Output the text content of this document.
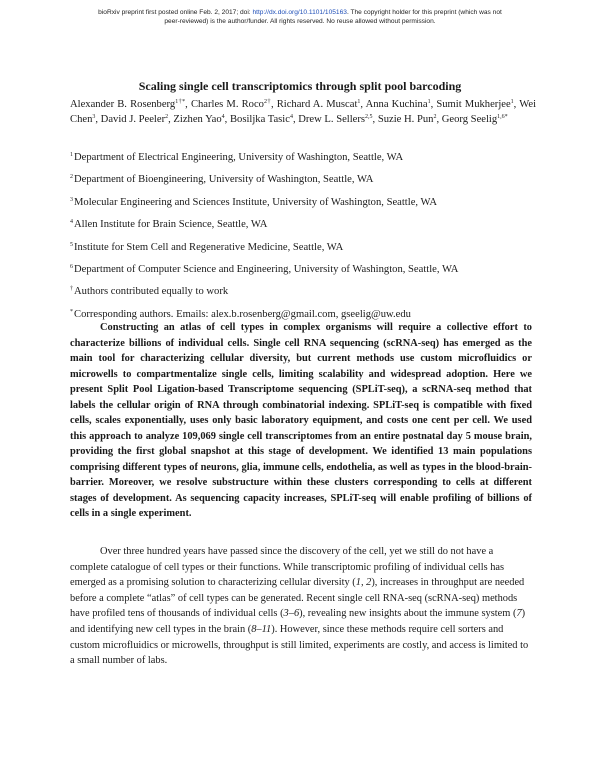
bioRxiv preprint first posted online Feb. 2, 2017; doi: http://dx.doi.org/10.1101/105163. The copyright holder for this preprint (which was not
peer-reviewed) is the author/funder. All rights reserved. No reuse allowed without permission.
Scaling single cell transcriptomics through split pool barcoding
Alexander B. Rosenberg$^{1\dagger*}$, Charles M. Roco$^{2\dagger}$, Richard A. Muscat$^1$, Anna Kuchina$^1$, Sumit Mukherjee$^1$, Wei Chen$^3$, David J. Peeler$^2$, Zizhen Yao$^4$, Bosiljka Tasic$^4$, Drew L. Sellers$^{2,5}$, Suzie H. Pun$^2$, Georg Seelig$^{1,6*}$
$^1$Department of Electrical Engineering, University of Washington, Seattle, WA
$^2$Department of Bioengineering, University of Washington, Seattle, WA
$^3$Molecular Engineering and Sciences Institute, University of Washington, Seattle, WA
$^4$Allen Institute for Brain Science, Seattle, WA
$^5$Institute for Stem Cell and Regenerative Medicine, Seattle, WA
$^6$Department of Computer Science and Engineering, University of Washington, Seattle, WA
†Authors contributed equally to work
*Corresponding authors. Emails: alex.b.rosenberg@gmail.com, gseelig@uw.edu
Constructing an atlas of cell types in complex organisms will require a collective effort to characterize billions of individual cells. Single cell RNA sequencing (scRNA-seq) has emerged as the main tool for characterizing cellular diversity, but current methods use custom microfluidics or microwells to compartmentalize single cells, limiting scalability and widespread adoption. Here we present Split Pool Ligation-based Transcriptome sequencing (SPLiT-seq), a scRNA-seq method that labels the cellular origin of RNA through combinatorial indexing. SPLiT-seq is compatible with fixed cells, scales exponentially, uses only basic laboratory equipment, and costs one cent per cell. We used this approach to analyze 109,069 single cell transcriptomes from an entire postnatal day 5 mouse brain, providing the first global snapshot at this stage of development. We identified 13 main populations comprising different types of neurons, glia, immune cells, endothelia, as well as types in the blood-brain-barrier. Moreover, we resolve substructure within these clusters corresponding to cells at different stages of development. As sequencing capacity increases, SPLiT-seq will enable profiling of billions of cells in a single experiment.
Over three hundred years have passed since the discovery of the cell, yet we still do not have a complete catalogue of cell types or their functions. While transcriptomic profiling of individual cells has emerged as a promising solution to characterizing cellular diversity (1, 2), increases in throughput are needed before a complete “atlas” of cell types can be generated. Recent single cell RNA-seq (scRNA-seq) methods have profiled tens of thousands of individual cells (3–6), revealing new insights about the immune system (7) and identifying new cell types in the brain (8–11). However, since these methods require cell sorters and custom microfluidics or microwells, throughput is still limited, experiments are costly, and access is limited to a small number of labs.
